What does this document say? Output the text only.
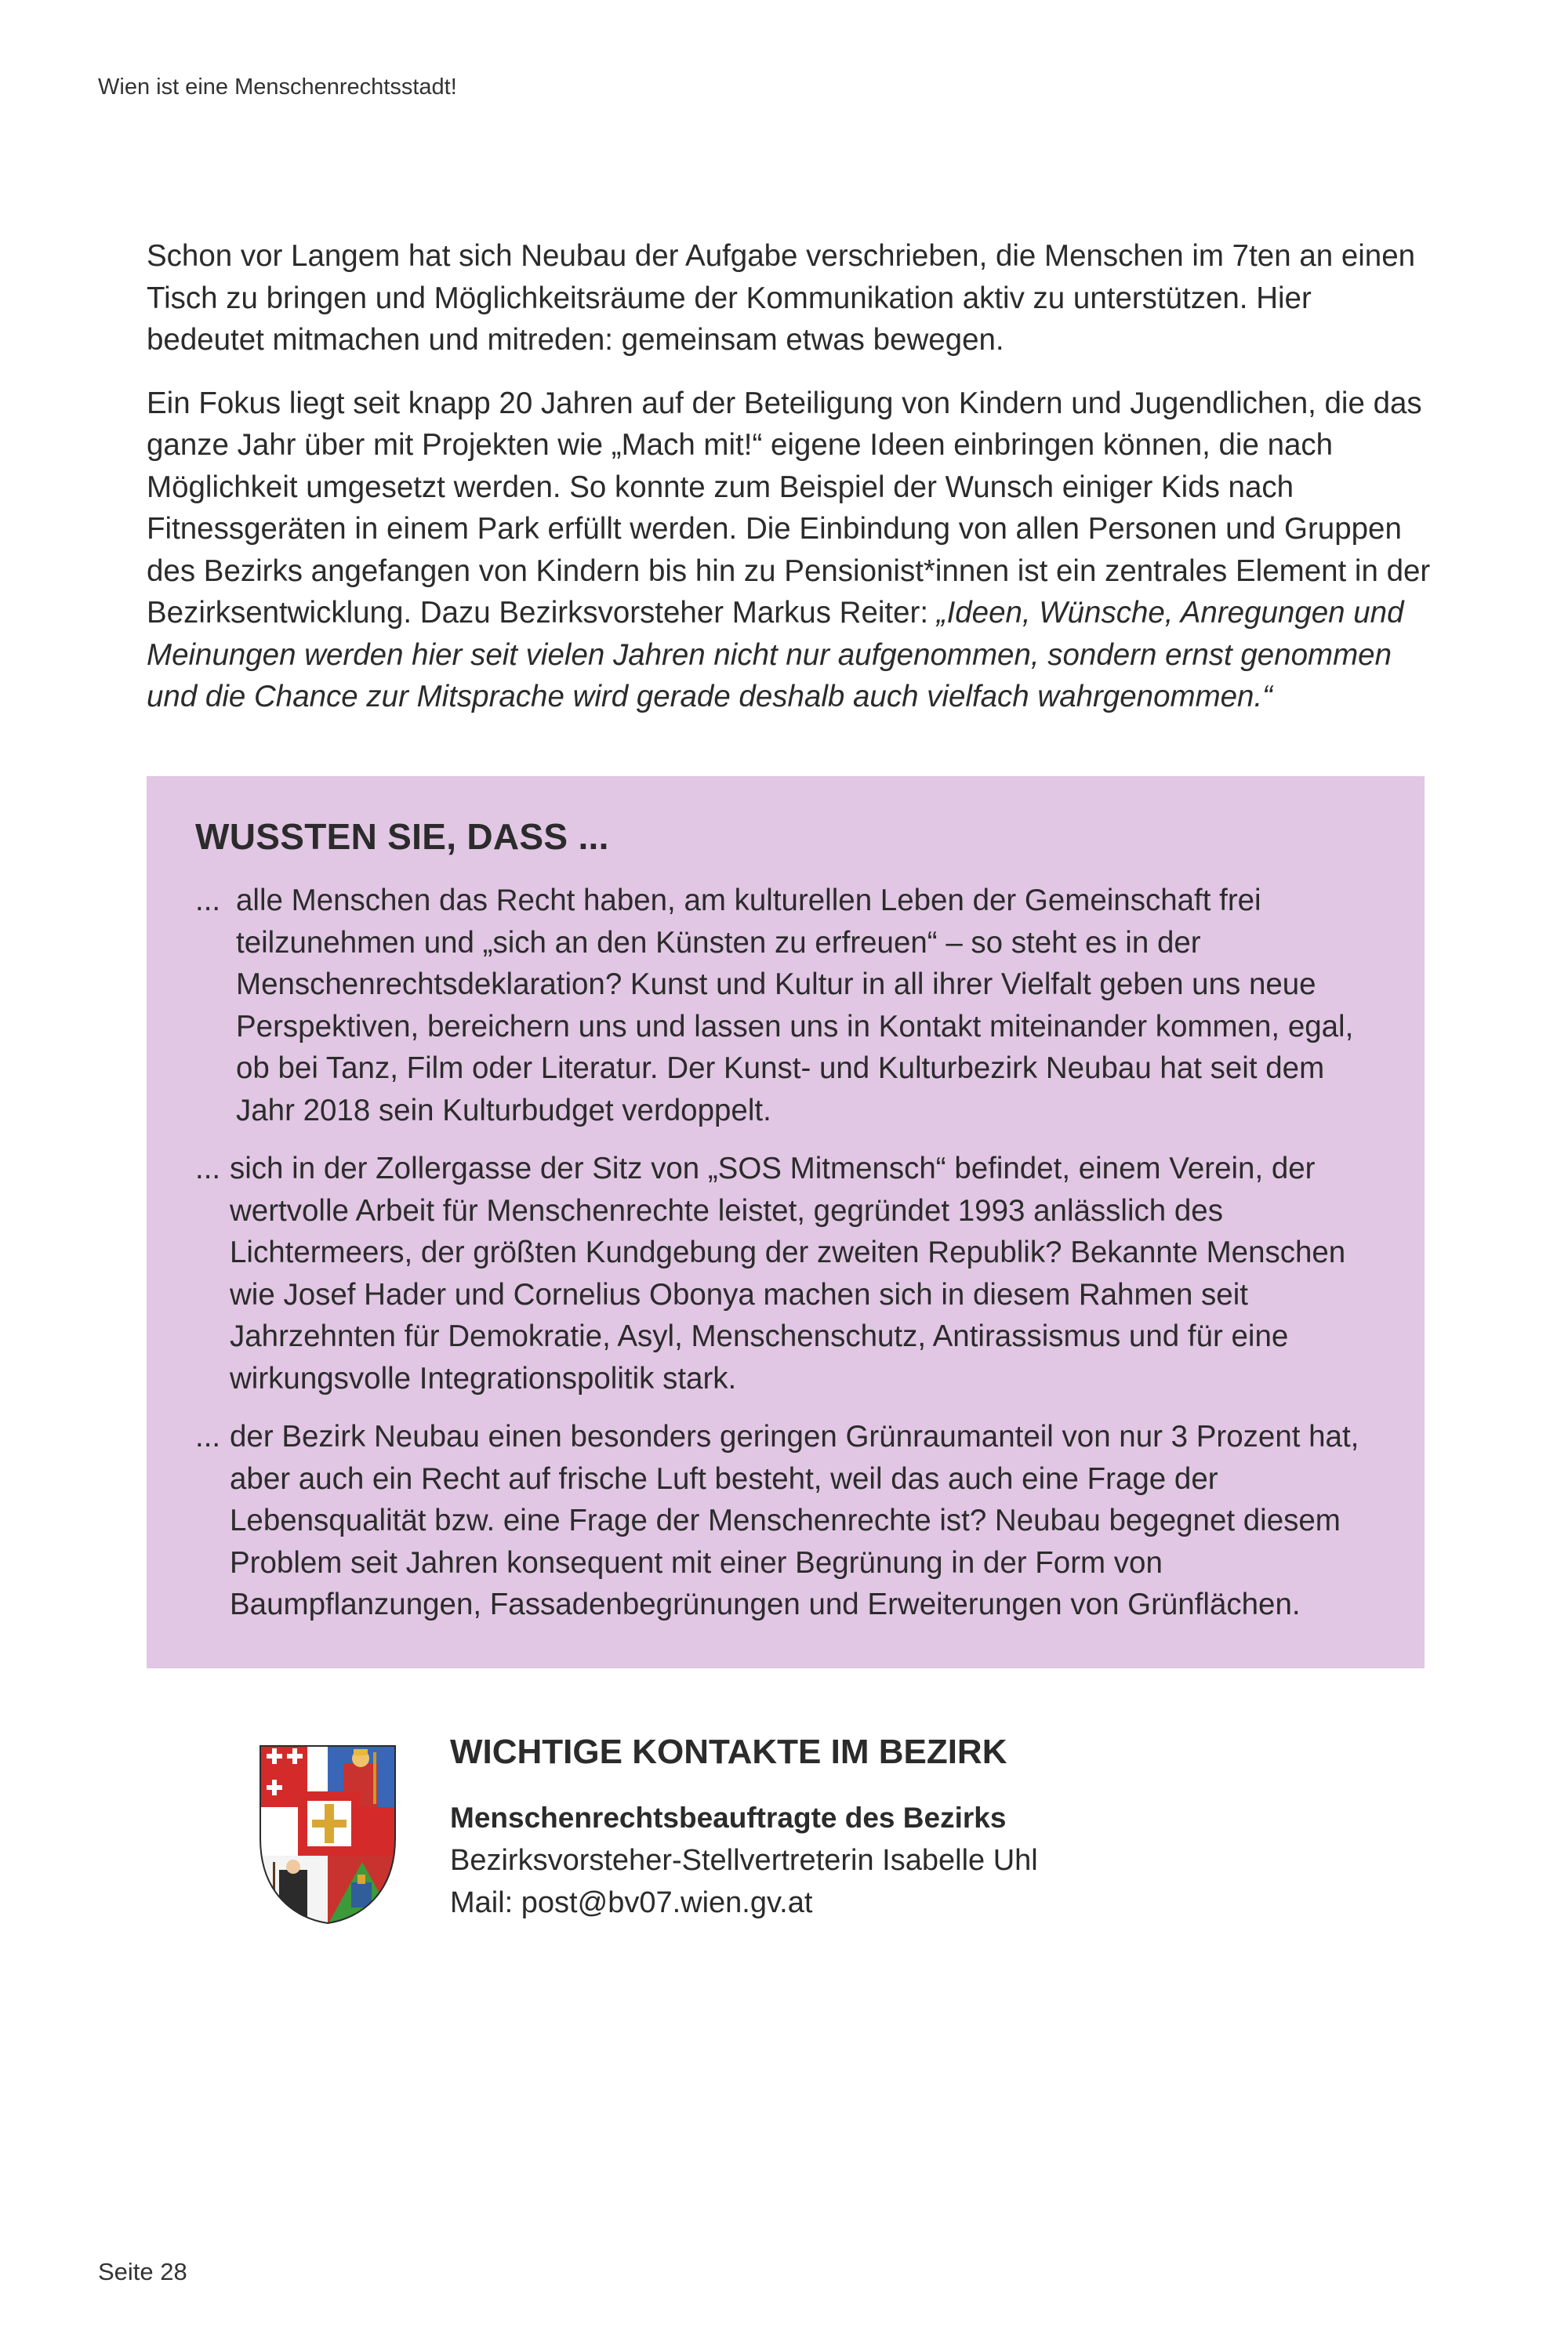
Wien ist eine Menschenrechtsstadt!

Schon vor Langem hat sich Neubau der Aufgabe verschrieben, die Menschen im 7ten an einen Tisch zu bringen und Möglichkeitsräume der Kommunikation aktiv zu unterstützen. Hier bedeutet mitmachen und mitreden: gemeinsam etwas bewegen.

Ein Fokus liegt seit knapp 20 Jahren auf der Beteiligung von Kindern und Jugendlichen, die das ganze Jahr über mit Projekten wie „Mach mit!“ eigene Ideen einbringen können, die nach Möglichkeit umgesetzt werden. So konnte zum Beispiel der Wunsch einiger Kids nach Fitnessgeräten in einem Park erfüllt werden. Die Einbindung von allen Personen und Gruppen des Bezirks angefangen von Kindern bis hin zu Pensionist*innen ist ein zentrales Element in der Bezirksentwicklung. Dazu Bezirksvorsteher Markus Reiter: „Ideen, Wünsche, Anregungen und Meinungen werden hier seit vielen Jahren nicht nur aufgenommen, sondern ernst genommen und die Chance zur Mitsprache wird gerade deshalb auch vielfach wahrgenommen.“

WUSSTEN SIE, DASS ...
... alle Menschen das Recht haben, am kulturellen Leben der Gemeinschaft frei teilzunehmen und „sich an den Künsten zu erfreuen“ – so steht es in der Menschenrechtsdeklaration? Kunst und Kultur in all ihrer Vielfalt geben uns neue Perspektiven, bereichern uns und lassen uns in Kontakt miteinander kommen, egal, ob bei Tanz, Film oder Literatur. Der Kunst- und Kulturbezirk Neubau hat seit dem Jahr 2018 sein Kulturbudget verdoppelt.
... sich in der Zollergasse der Sitz von „SOS Mitmensch“ befindet, einem Verein, der wertvolle Arbeit für Menschenrechte leistet, gegründet 1993 anlässlich des Lichtermeers, der größten Kundgebung der zweiten Republik? Bekannte Menschen wie Josef Hader und Cornelius Obonya machen sich in diesem Rahmen seit Jahrzehnten für Demokratie, Asyl, Menschenschutz, Antirassismus und für eine wirkungsvolle Integrationspolitik stark.
... der Bezirk Neubau einen besonders geringen Grünraumanteil von nur 3 Prozent hat, aber auch ein Recht auf frische Luft besteht, weil das auch eine Frage der Lebensqualität bzw. eine Frage der Menschenrechte ist? Neubau begegnet diesem Problem seit Jahren konsequent mit einer Begrünung in der Form von Baumpflanzungen, Fassadenbegrünungen und Erweiterungen von Grünflächen.
WICHTIGE KONTAKTE IM BEZIRK
Menschenrechtsbeauftragte des Bezirks
Bezirksvorsteher-Stellvertreterin Isabelle Uhl
Mail: post@bv07.wien.gv.at
Seite 28
